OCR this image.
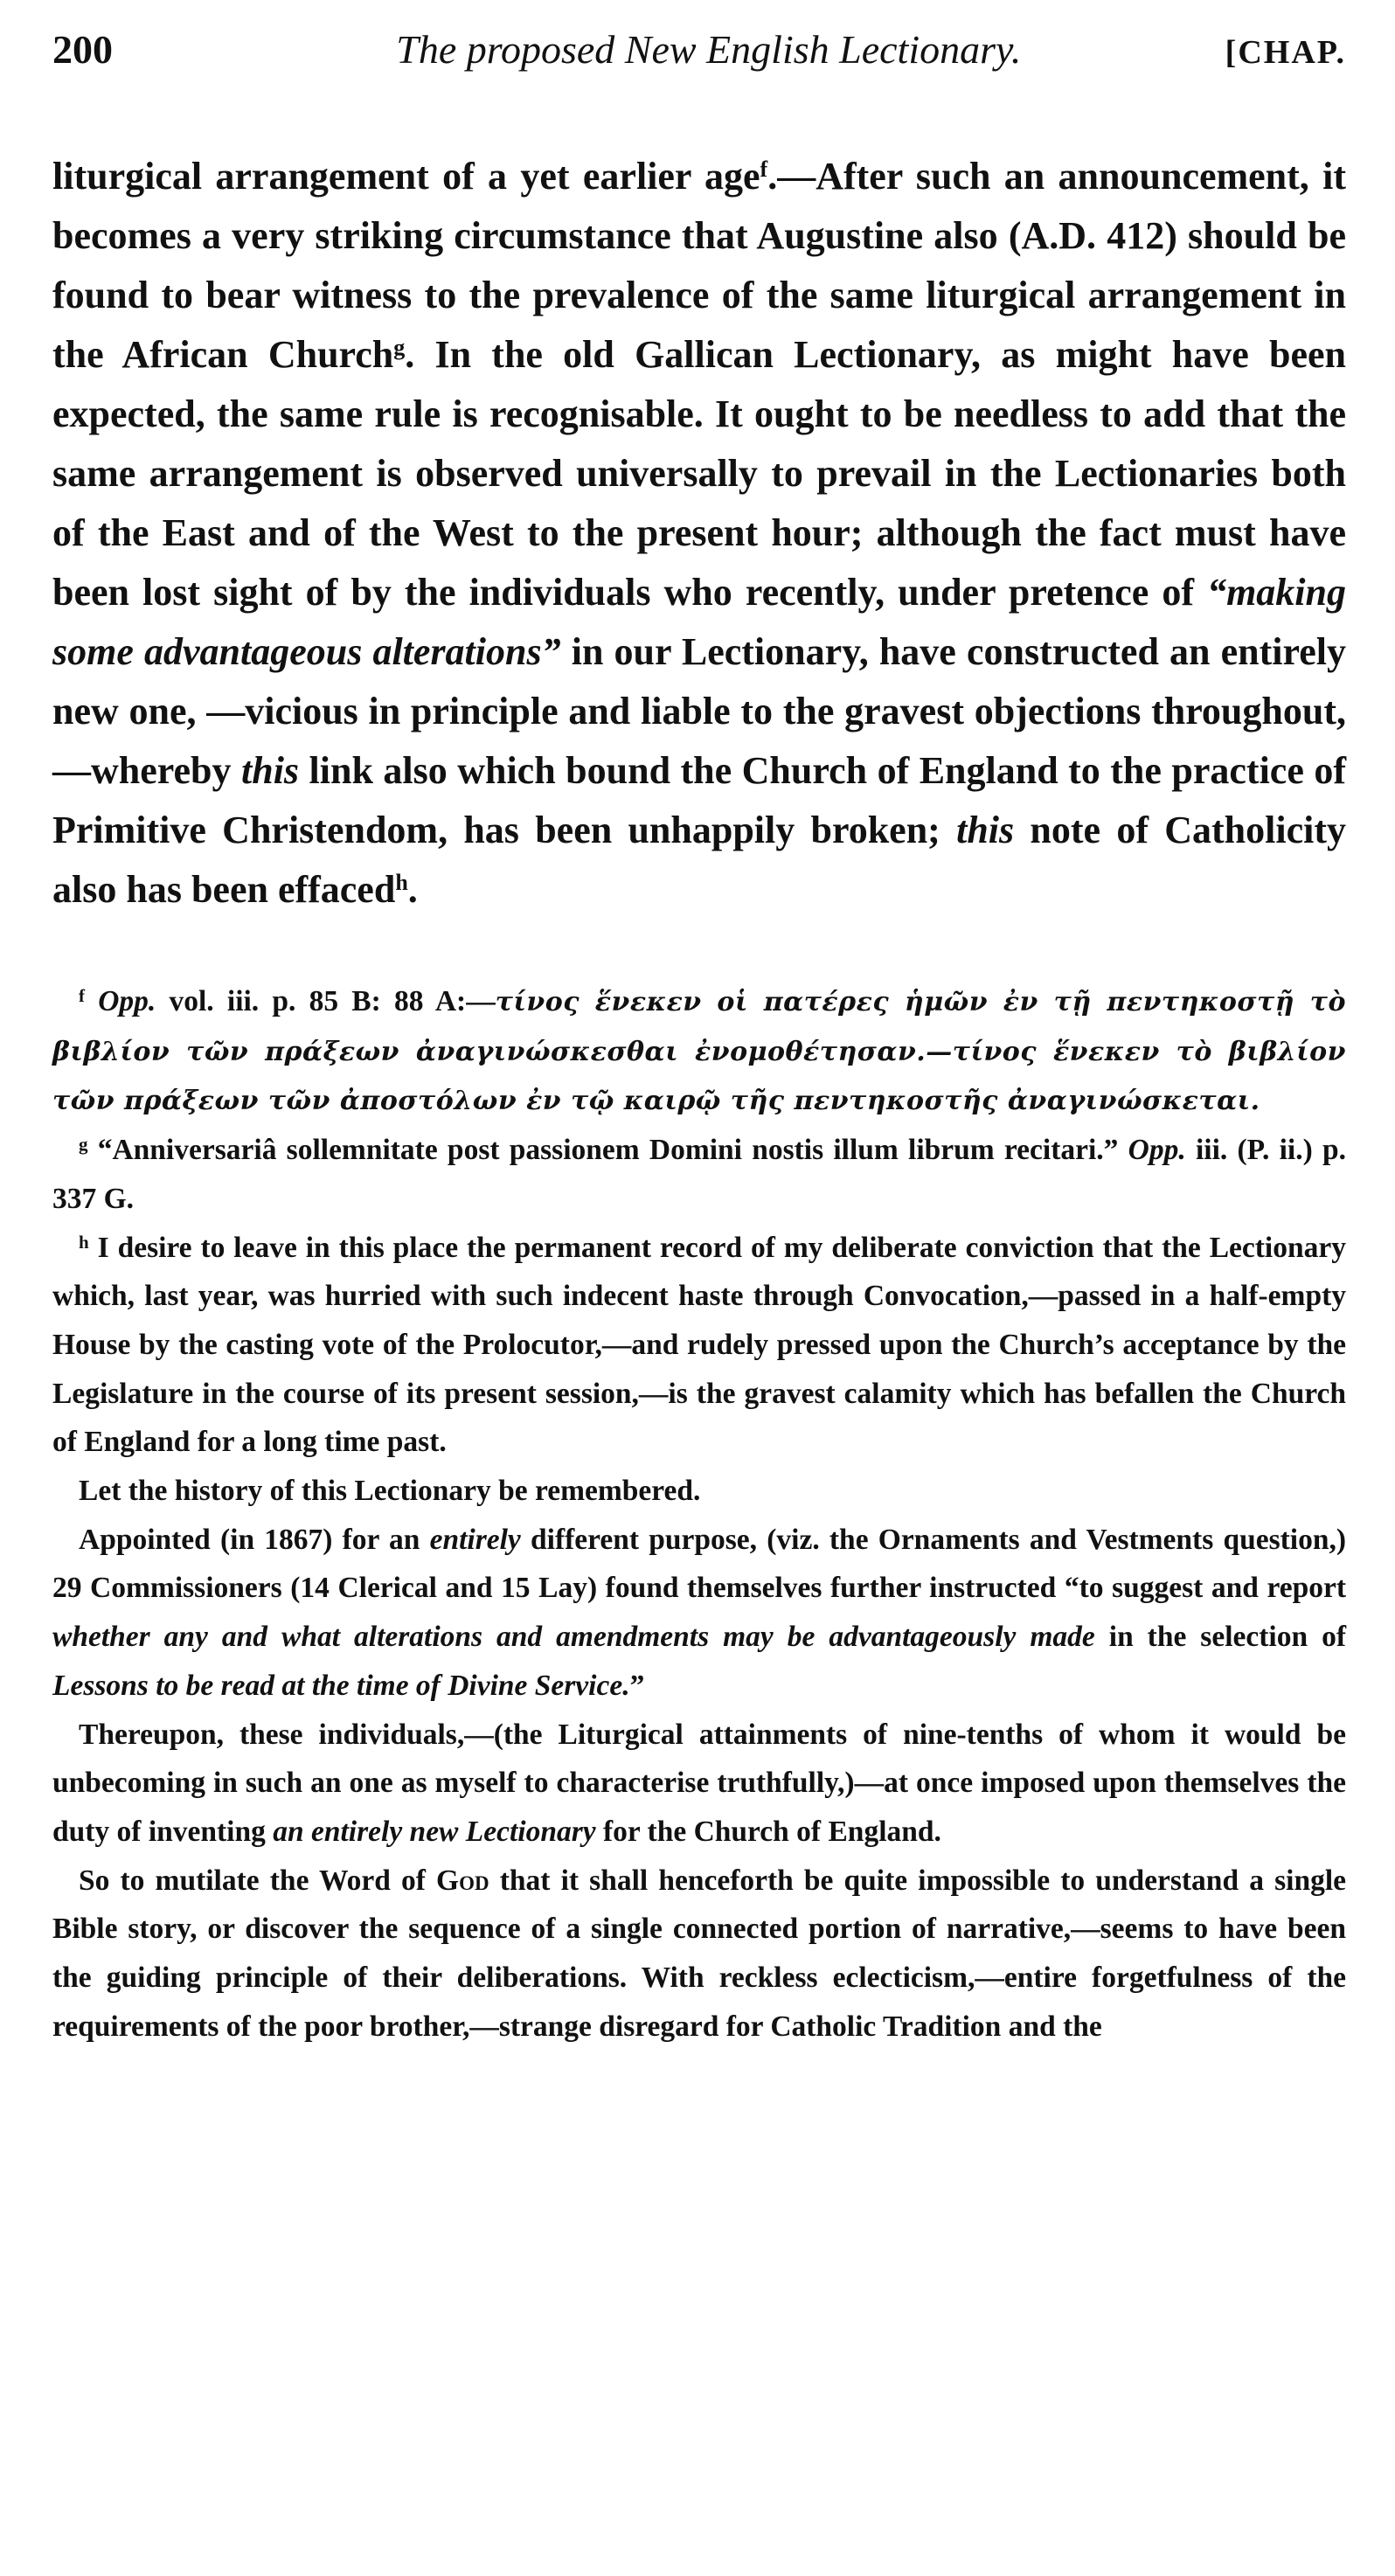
200	The proposed New English Lectionary.	[CHAP.

liturgical arrangement of a yet earlier age$^f$.—After such an announcement, it becomes a very striking circumstance that Augustine also (A.D. 412) should be found to bear witness to the prevalence of the same liturgical arrangement in the African Church$^g$. In the old Gallican Lectionary, as might have been expected, the same rule is recognisable. It ought to be needless to add that the same arrangement is observed universally to prevail in the Lectionaries both of the East and of the West to the present hour; although the fact must have been lost sight of by the individuals who recently, under pretence of “making some advantageous alterations” in our Lectionary, have constructed an entirely new one, —vicious in principle and liable to the gravest objections throughout,—whereby this link also which bound the Church of England to the practice of Primitive Christendom, has been unhappily broken; this note of Catholicity also has been effaced$^h$.

$^f$ Opp. vol. iii. p. 85 B: 88 A:—τίνος ἕνεκεν οἱ πατέρες ἡμῶν ἐν τῇ πεντηκοστῇ τὸ βιβλίον τῶν πράξεων ἀναγινώσκεσθαι ἐνομοθέτησαν.—τίνος ἕνεκεν τὸ βιβλίον τῶν πράξεων τῶν ἀποστόλων ἐν τῷ καιρῷ τῆς πεντηκοστῆς ἀναγινώσκεται.

$^g$ “Anniversariâ sollemnitate post passionem Domini nostis illum librum recitari.” Opp. iii. (P. ii.) p. 337 G.

$^h$ I desire to leave in this place the permanent record of my deliberate conviction that the Lectionary which, last year, was hurried with such indecent haste through Convocation,—passed in a half-empty House by the casting vote of the Prolocutor,—and rudely pressed upon the Church’s acceptance by the Legislature in the course of its present session,—is the gravest calamity which has befallen the Church of England for a long time past.

Let the history of this Lectionary be remembered.

Appointed (in 1867) for an entirely different purpose, (viz. the Ornaments and Vestments question,) 29 Commissioners (14 Clerical and 15 Lay) found themselves further instructed “to suggest and report whether any and what alterations and amendments may be advantageously made in the selection of Lessons to be read at the time of Divine Service.”

Thereupon, these individuals,—(the Liturgical attainments of nine-tenths of whom it would be unbecoming in such an one as myself to characterise truthfully,)—at once imposed upon themselves the duty of inventing an entirely new Lectionary for the Church of England.

So to mutilate the Word of God that it shall henceforth be quite impossible to understand a single Bible story, or discover the sequence of a single connected portion of narrative,—seems to have been the guiding principle of their deliberations. With reckless eclecticism,—entire forgetfulness of the requirements of the poor brother,—strange disregard for Catholic Tradition and the
